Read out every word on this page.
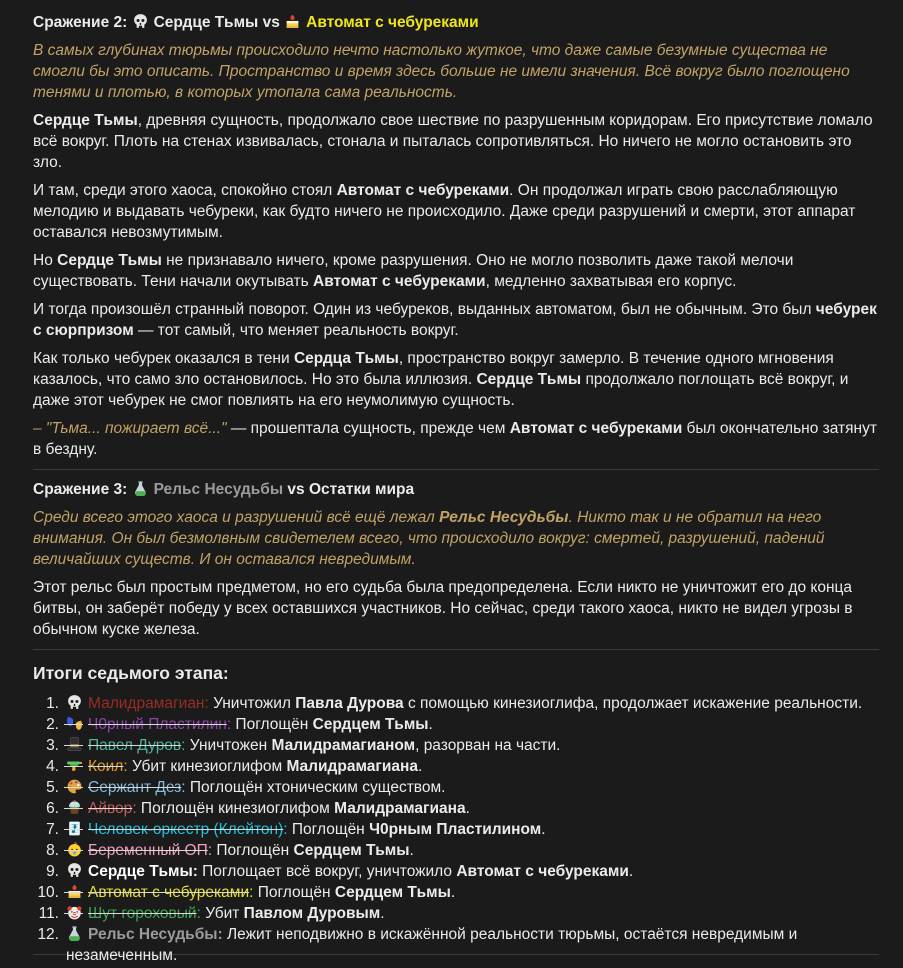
Сражение 2:
Сердце Тьмы vs
Автомат с чебуреками

В самых глубинах тюрьмы происходило нечто настолько жуткое, что даже самые безумные существа не смогли бы это описать. Пространство и время здесь больше не имели значения. Всё вокруг было поглощено тенями и плотью, в которых утопала сама реальность.

Сердце Тьмы, древняя сущность, продолжало свое шествие по разрушенным коридорам. Его присутствие ломало всё вокруг. Плоть на стенах извивалась, стонала и пыталась сопротивляться. Но ничего не могло остановить это зло.

И там, среди этого хаоса, спокойно стоял Автомат с чебуреками. Он продолжал играть свою расслабляющую мелодию и выдавать чебуреки, как будто ничего не происходило. Даже среди разрушений и смерти, этот аппарат оставался невозмутимым.

Но Сердце Тьмы не признавало ничего, кроме разрушения. Оно не могло позволить даже такой мелочи существовать. Тени начали окутывать Автомат с чебуреками, медленно захватывая его корпус.

И тогда произошёл странный поворот. Один из чебуреков, выданных автоматом, был не обычным. Это был чебурек с сюрпризом — тот самый, что меняет реальность вокруг.

Как только чебурек оказался в тени Сердца Тьмы, пространство вокруг замерло. В течение одного мгновения казалось, что само зло остановилось. Но это была иллюзия. Сердце Тьмы продолжало поглощать всё вокруг, и даже этот чебурек не смог повлиять на его неумолимую сущность.

– "Тьма... пожирает всё..." — прошептала сущность, прежде чем Автомат с чебуреками был окончательно затянут в бездну.

Сражение 3:
Рельс Несудьбы vs Остатки мира

Среди всего этого хаоса и разрушений всё ещё лежал Рельс Несудьбы. Никто так и не обратил на него внимания. Он был безмолвным свидетелем всего, что происходило вокруг: смертей, разрушений, падений величайших существ. И он оставался невредимым.

Этот рельс был простым предметом, но его судьба была предопределена. Если никто не уничтожит его до конца битвы, он заберёт победу у всех оставшихся участников. Но сейчас, среди такого хаоса, никто не видел угрозы в обычном куске железа.

Итоги седьмого этапа:
1.	Малидрамагиан: Уничтожил Павла Дурова с помощью кинезиоглифа, продолжает искажение реальности.
2.	Ч0рный Пластилин: Поглощён Сердцем Тьмы.
3.	Павел Дуров: Уничтожен Малидрамагианом, разорван на части.
4.	Коил: Убит кинезиоглифом Малидрамагиана.
5.	Сержант Дез: Поглощён хтоническим существом.
6.	Айвор: Поглощён кинезиоглифом Малидрамагиана.
7.	Человек-оркестр (Клейтон): Поглощён Ч0рным Пластилином.
8.	Беременный ОП: Поглощён Сердцем Тьмы.
9.	Сердце Тьмы: Поглощает всё вокруг, уничтожило Автомат с чебуреками.
10.	Автомат с чебуреками: Поглощён Сердцем Тьмы.
11.	Шут гороховый: Убит Павлом Дуровым.
12.	Рельс Несудьбы: Лежит неподвижно в искажённой реальности тюрьмы, остаётся невредимым и незамеченным.
